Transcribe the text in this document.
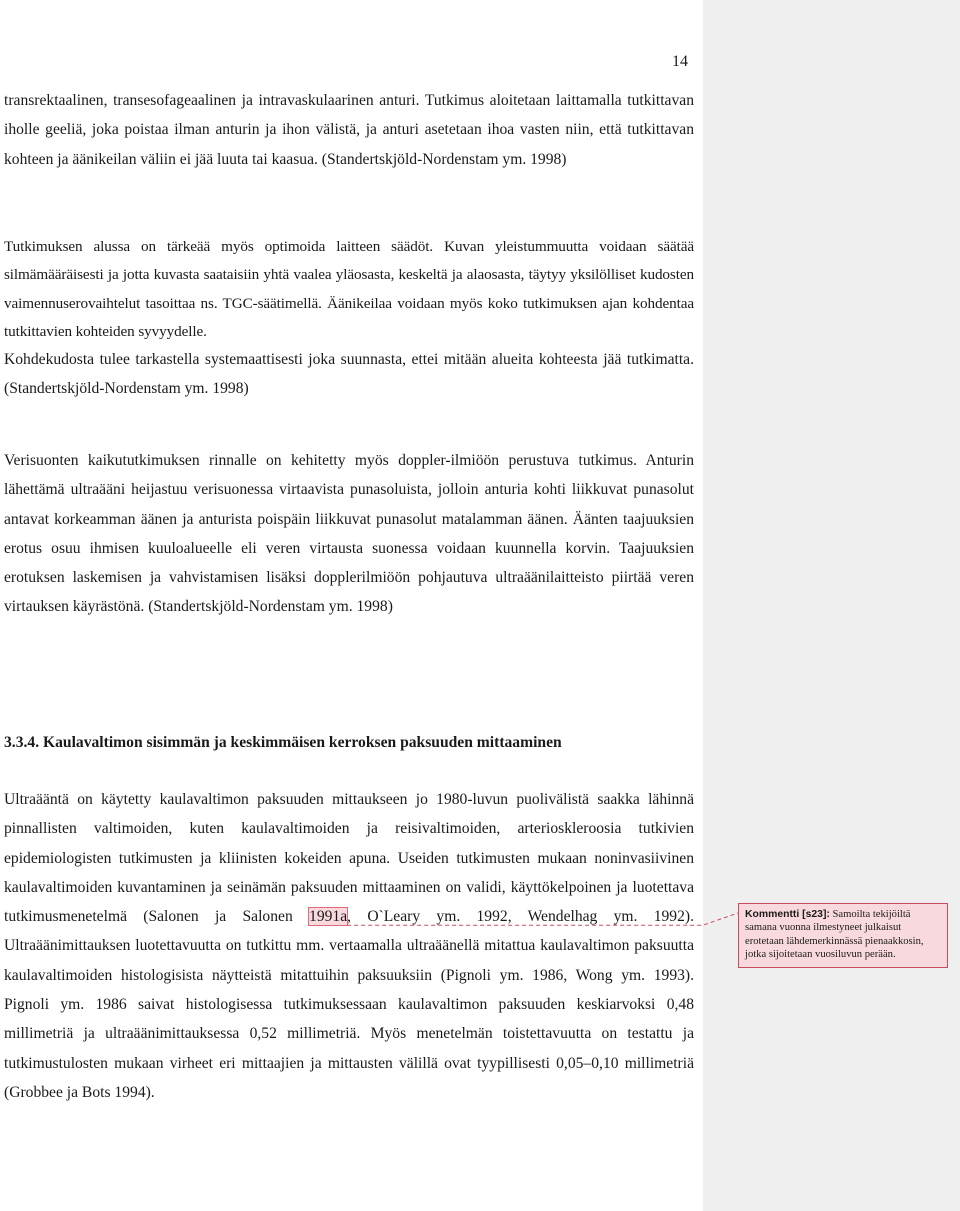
14

transrektaalinen, transesofageaalinen ja intravaskulaarinen anturi. Tutkimus aloitetaan laittamalla tutkittavan iholle geeliä, joka poistaa ilman anturin ja ihon välistä, ja anturi asetetaan ihoa vasten niin, että tutkittavan kohteen ja äänikeilan väliin ei jää luuta tai kaasua. (Standertskjöld-Nordenstam ym. 1998)

Tutkimuksen alussa on tärkeää myös optimoida laitteen säädöt. Kuvan yleistummuutta voidaan säätää silmämääräisesti ja jotta kuvasta saataisiin yhtä vaalea yläosasta, keskeltä ja alaosasta, täytyy yksilölliset kudosten vaimennuserovaihtelut tasoittaa ns. TGC-säätimellä. Äänikeilaa voidaan myös koko tutkimuksen ajan kohdentaa tutkittavien kohteiden syvyydelle.

Kohdekudosta tulee tarkastella systemaattisesti joka suunnasta, ettei mitään alueita kohteesta jää tutkimatta. (Standertskjöld-Nordenstam ym. 1998)

Verisuonten kaikututkimuksen rinnalle on kehitetty myös doppler-ilmiöön perustuva tutkimus. Anturin lähettämä ultraääni heijastuu verisuonessa virtaavista punasoluista, jolloin anturia kohti liikkuvat punasolut antavat korkeamman äänen ja anturista poispäin liikkuvat punasolut matalamman äänen. Äänten taajuuksien erotus osuu ihmisen kuuloalueelle eli veren virtausta suonessa voidaan kuunnella korvin. Taajuuksien erotuksen laskemisen ja vahvistamisen lisäksi dopplerilmiöön pohjautuva ultraäänilaitteisto piirtää veren virtauksen käyrästönä. (Standertskjöld-Nordenstam ym. 1998)

3.3.4. Kaulavaltimon sisimmän ja keskimmäisen kerroksen paksuuden mittaaminen

Ultraääntä on käytetty kaulavaltimon paksuuden mittaukseen jo 1980-luvun puolivälistä saakka lähinnä pinnallisten valtimoiden, kuten kaulavaltimoiden ja reisivaltimoiden, arterioskleroosia tutkivien epidemiologisten tutkimusten ja kliinisten kokeiden apuna. Useiden tutkimusten mukaan noninvasiivinen kaulavaltimoiden kuvantaminen ja seinämän paksuuden mittaaminen on validi, käyttökelpoinen ja luotettava tutkimusmenetelmä (Salonen ja Salonen 1991a, O`Leary ym. 1992, Wendelhag ym. 1992). Ultraäänimittauksen luotettavuutta on tutkittu mm. vertaamalla ultraäänellä mitattua kaulavaltimon paksuutta kaulavaltimoiden histologisista näytteistä mitattuihin paksuuksiin (Pignoli ym. 1986, Wong ym. 1993). Pignoli ym. 1986 saivat histologisessa tutkimuksessaan kaulavaltimon paksuuden keskiarvoksi 0,48 millimetriä ja ultraäänimittauksessa 0,52 millimetriä. Myös menetelmän toistettavuutta on testattu ja tutkimustulosten mukaan virheet eri mittaajien ja mittausten välillä ovat tyypillisesti 0,05–0,10 millimetriä (Grobbee ja Bots 1994).

Kommentti [s23]: Samoilta tekijöiltä samana vuonna ilmestyneet julkaisut erotetaan lähdemerkinnässä pienaakkosin, jotka sijoitetaan vuosiluvun perään.
